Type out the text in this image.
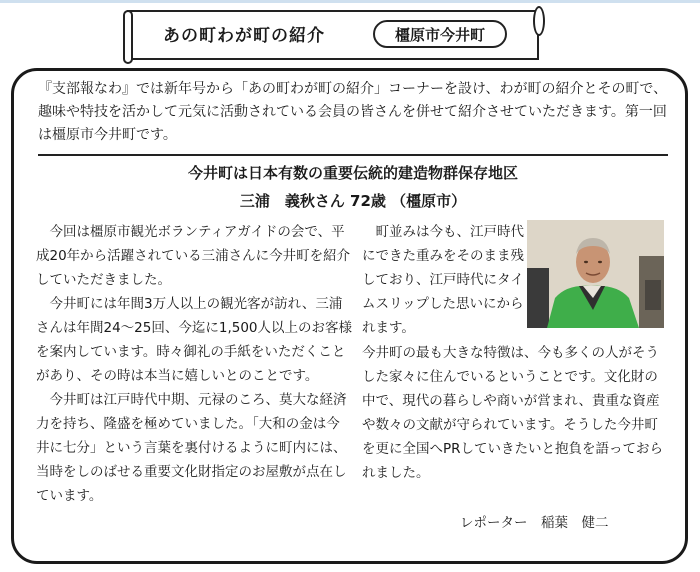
あの町わが町の紹介	橿原市今井町
『支部報なわ』では新年号から「あの町わが町の紹介」コーナーを設け、わが町の紹介とその町で、趣味や特技を活かして元気に活動されている会員の皆さんを併せて紹介させていただきます。第一回は橿原市今井町です。
今井町は日本有数の重要伝統的建造物群保存地区
三浦　義秋さん 72歳 （橿原市）

今回は橿原市観光ボランティアガイドの会で、平成20年から活躍されている三浦さんに今井町を紹介していただきました。

今井町には年間3万人以上の観光客が訪れ、三浦さんは年間24～25回、今迄に1,500人以上のお客様を案内しています。時々御礼の手紙をいただくことがあり、その時は本当に嬉しいとのことです。

今井町は江戸時代中期、元禄のころ、莫大な経済力を持ち、隆盛を極めていました。「大和の金は今井に七分」という言葉を裏付けるように町内には、当時をしのばせる重要文化財指定のお屋敷が点在しています。

町並みは今も、江戸時代にできた重みをそのまま残しており、江戸時代にタイムスリップした思いにかられます。

今井町の最も大きな特徴は、今も多くの人がそうした家々に住んでいるということです。文化財の中で、現代の暮らしや商いが営まれ、貴重な資産や数々の文献が守られています。そうした今井町を更に全国へPRしていきたいと抱負を語っておられました。

レポーター　稲葉　健二
